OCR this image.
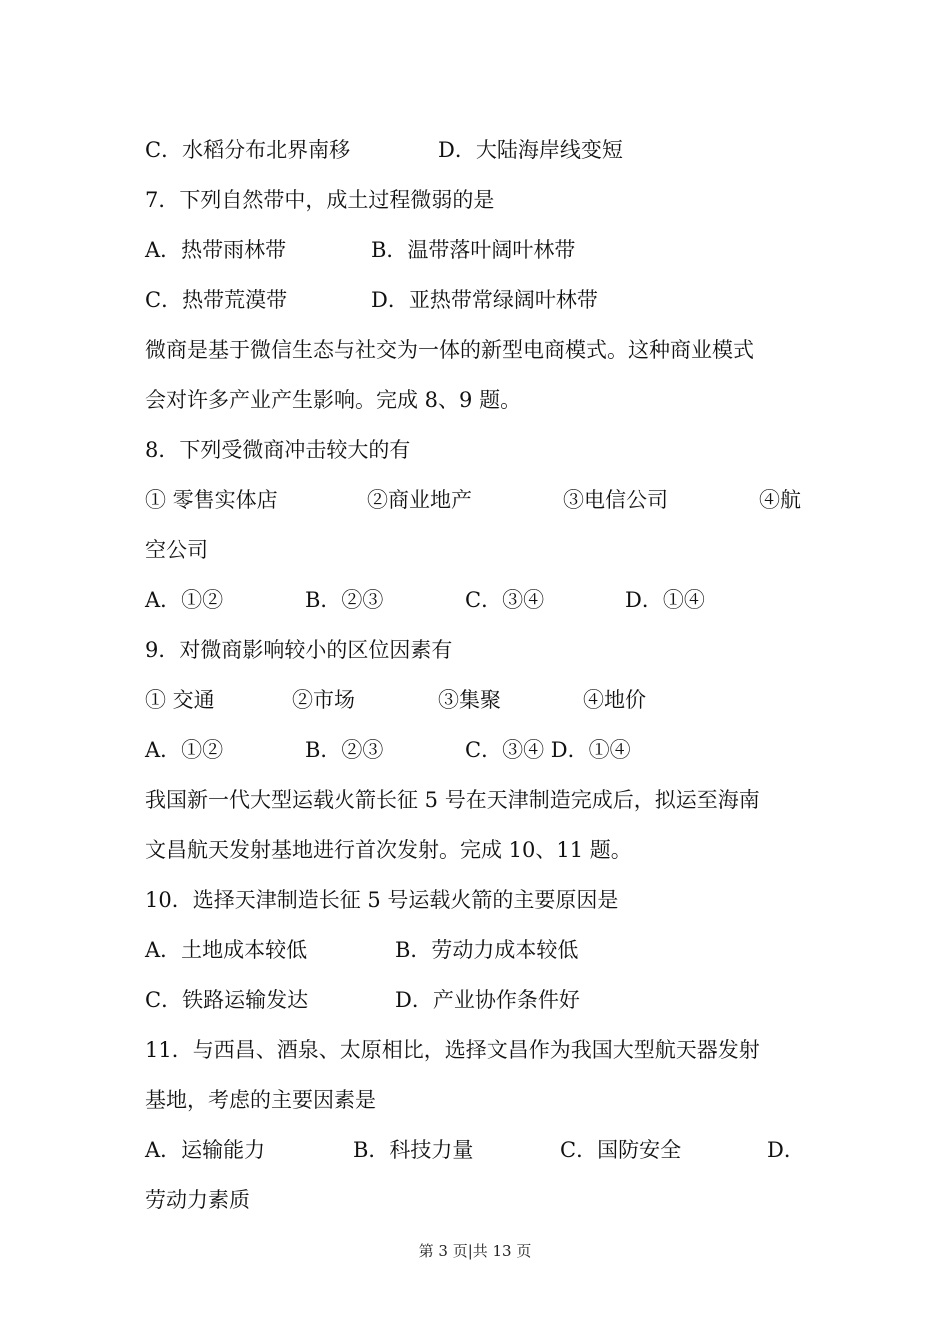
C．水稻分布北界南移	D．大陆海岸线变短
7．下列自然带中，成土过程微弱的是
A．热带雨林带	B．温带落叶阔叶林带
C．热带荒漠带	D．亚热带常绿阔叶林带
微商是基于微信生态与社交为一体的新型电商模式。这种商业模式
会对许多产业产生影响。完成 8、9 题。
8．下列受微商冲击较大的有
① 零售实体店	②商业地产	③电信公司	④航
空公司
A．①②	B．②③	C．③④	D．①④
9．对微商影响较小的区位因素有
① 交通	②市场	③集聚	④地价
A．①②	B．②③	C．③④ D．①④
我国新一代大型运载火箭长征 5 号在天津制造完成后，拟运至海南
文昌航天发射基地进行首次发射。完成 10、11 题。
10．选择天津制造长征 5 号运载火箭的主要原因是
A．土地成本较低	B．劳动力成本较低
C．铁路运输发达	D．产业协作条件好
11．与西昌、酒泉、太原相比，选择文昌作为我国大型航天器发射
基地，考虑的主要因素是
A．运输能力	B．科技力量	C．国防安全	D．
劳动力素质
第 3 页|共 13 页
